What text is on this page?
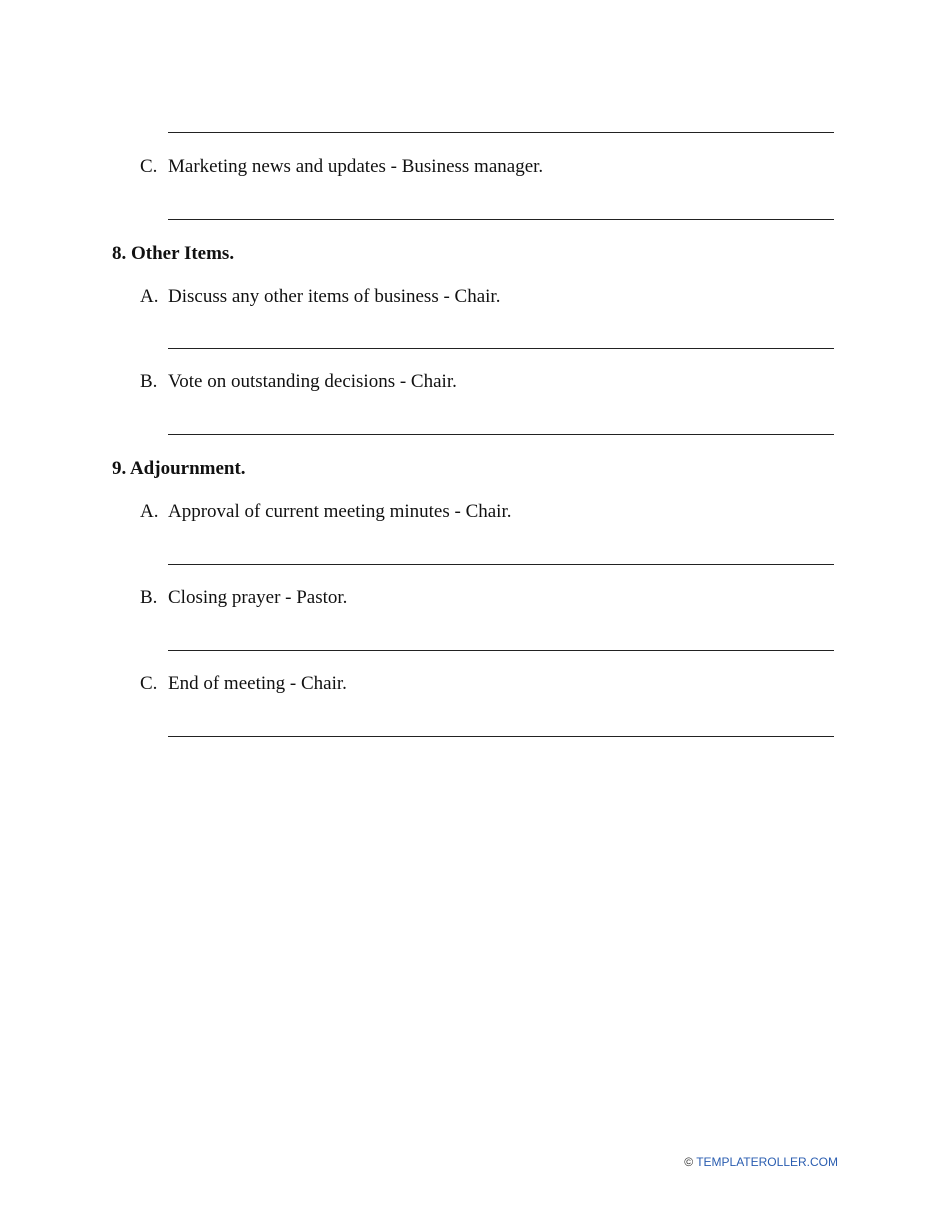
C. Marketing news and updates - Business manager.
8. Other Items.
A. Discuss any other items of business - Chair.
B. Vote on outstanding decisions - Chair.
9. Adjournment.
A. Approval of current meeting minutes - Chair.
B. Closing prayer - Pastor.
C. End of meeting - Chair.
© TEMPLATEROLLER.COM
